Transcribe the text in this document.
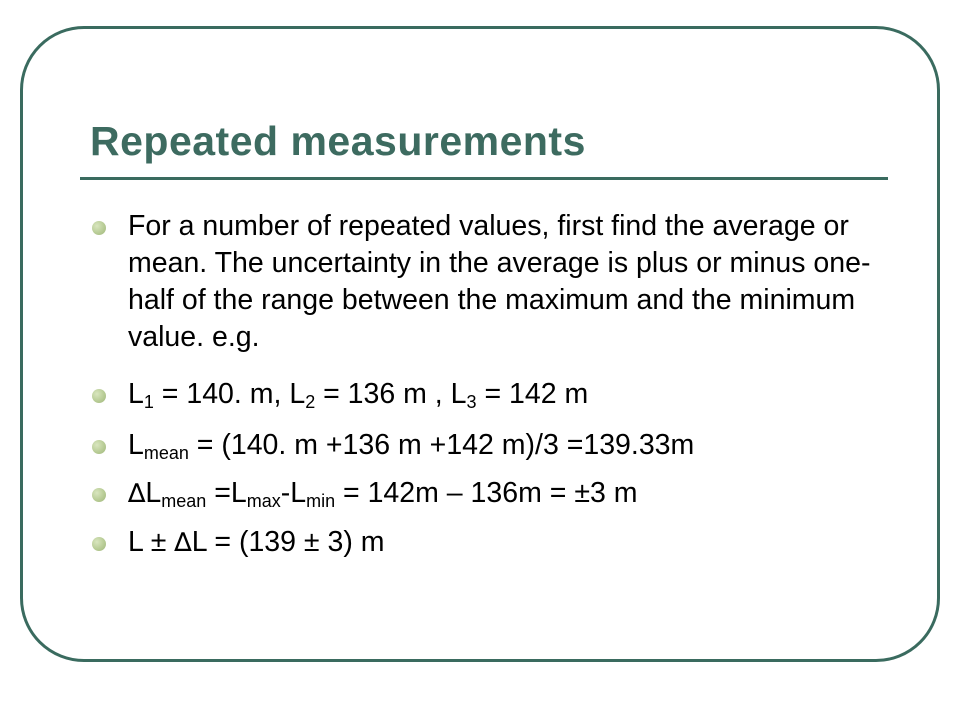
Repeated measurements
For a number of repeated values, first find the average or mean. The uncertainty in the average is plus or minus one-half of the range between the maximum and the minimum value. e.g.
$L_1 = 140$. m, $L_2 = 136$ m , $L_3 = 142$ m
$L_{mean} = (140$. m +136 m +142 m)/3 =139.33m
$\Delta L_{mean} =L_{max}-L_{min} = 142m - 136m = \pm 3$ m
L ± ∆L = (139 ± 3) m
